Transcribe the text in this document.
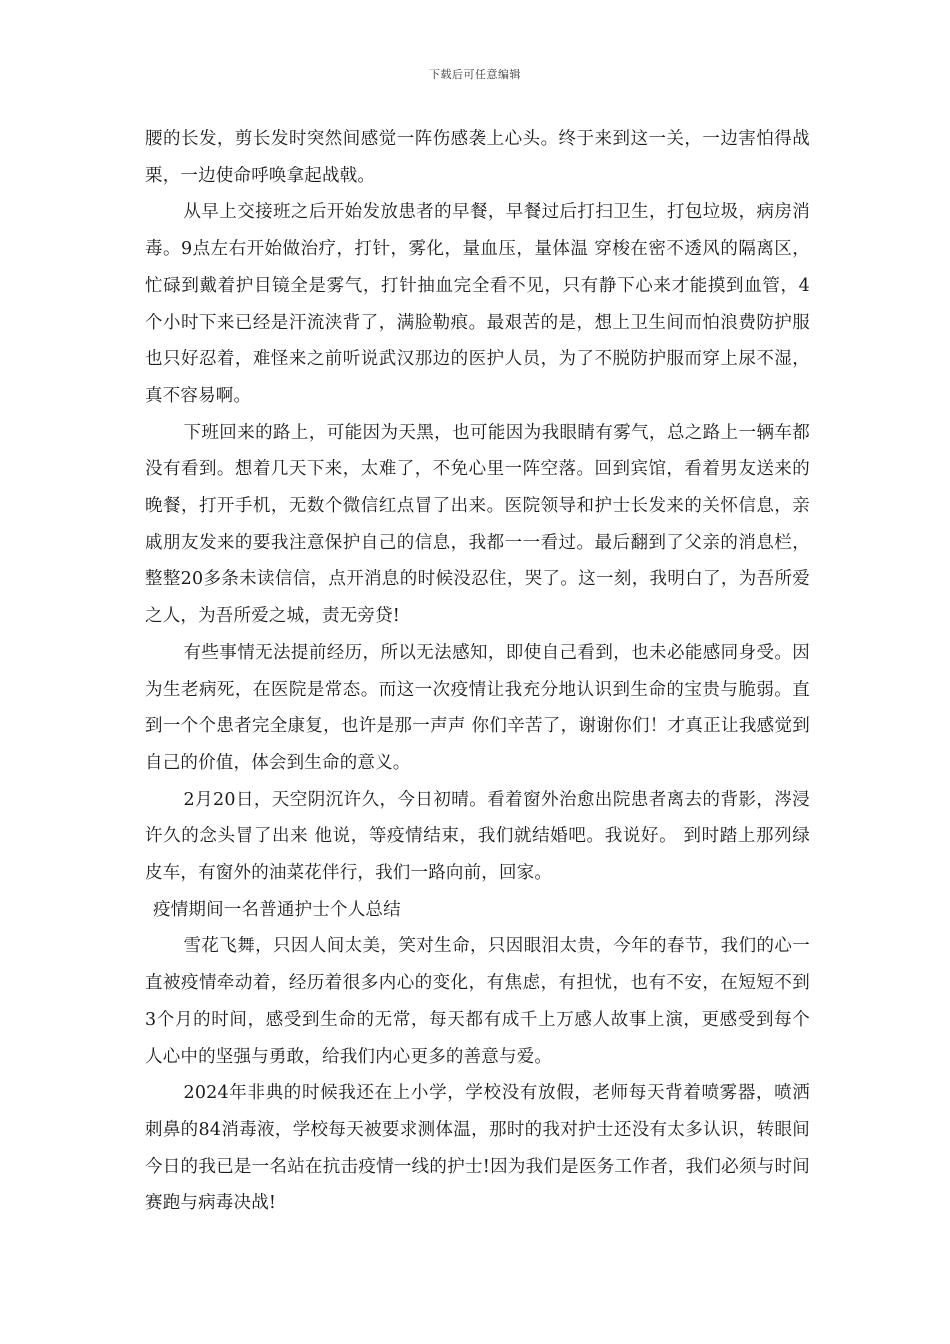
下载后可任意编辑

腰的长发，剪长发时突然间感觉一阵伤感袭上心头。终于来到这一关，一边害怕得战栗，一边使命呼唤拿起战戟。

从早上交接班之后开始发放患者的早餐，早餐过后打扫卫生，打包垃圾，病房消毒。9点左右开始做治疗，打针，雾化，量血压，量体温 穿梭在密不透风的隔离区，忙碌到戴着护目镜全是雾气，打针抽血完全看不见，只有静下心来才能摸到血管，4个小时下来已经是汗流浃背了，满脸勒痕。最艰苦的是，想上卫生间而怕浪费防护服也只好忍着，难怪来之前听说武汉那边的医护人员，为了不脱防护服而穿上尿不湿，真不容易啊。

下班回来的路上，可能因为天黑，也可能因为我眼睛有雾气，总之路上一辆车都没有看到。想着几天下来，太难了，不免心里一阵空落。回到宾馆，看着男友送来的晚餐，打开手机，无数个微信红点冒了出来。医院领导和护士长发来的关怀信息，亲戚朋友发来的要我注意保护自己的信息，我都一一看过。最后翻到了父亲的消息栏，整整20多条未读信信，点开消息的时候没忍住，哭了。这一刻，我明白了，为吾所爱之人，为吾所爱之城，责无旁贷!

有些事情无法提前经历，所以无法感知，即使自己看到，也未必能感同身受。因为生老病死，在医院是常态。而这一次疫情让我充分地认识到生命的宝贵与脆弱。直到一个个患者完全康复，也许是那一声声 你们辛苦了，谢谢你们！才真正让我感觉到自己的价值，体会到生命的意义。

2月20日，天空阴沉许久，今日初晴。看着窗外治愈出院患者离去的背影，涔浸许久的念头冒了出来 他说，等疫情结束，我们就结婚吧。我说好。 到时踏上那列绿皮车，有窗外的油菜花伴行，我们一路向前，回家。

疫情期间一名普通护士个人总结

雪花飞舞，只因人间太美，笑对生命，只因眼泪太贵，今年的春节，我们的心一直被疫情牵动着，经历着很多内心的变化，有焦虑，有担忧，也有不安，在短短不到3个月的时间，感受到生命的无常，每天都有成千上万感人故事上演，更感受到每个人心中的坚强与勇敢，给我们内心更多的善意与爱。

2024年非典的时候我还在上小学，学校没有放假，老师每天背着喷雾器，喷洒刺鼻的84消毒液，学校每天被要求测体温，那时的我对护士还没有太多认识，转眼间今日的我已是一名站在抗击疫情一线的护士!因为我们是医务工作者，我们必须与时间赛跑与病毒决战!
